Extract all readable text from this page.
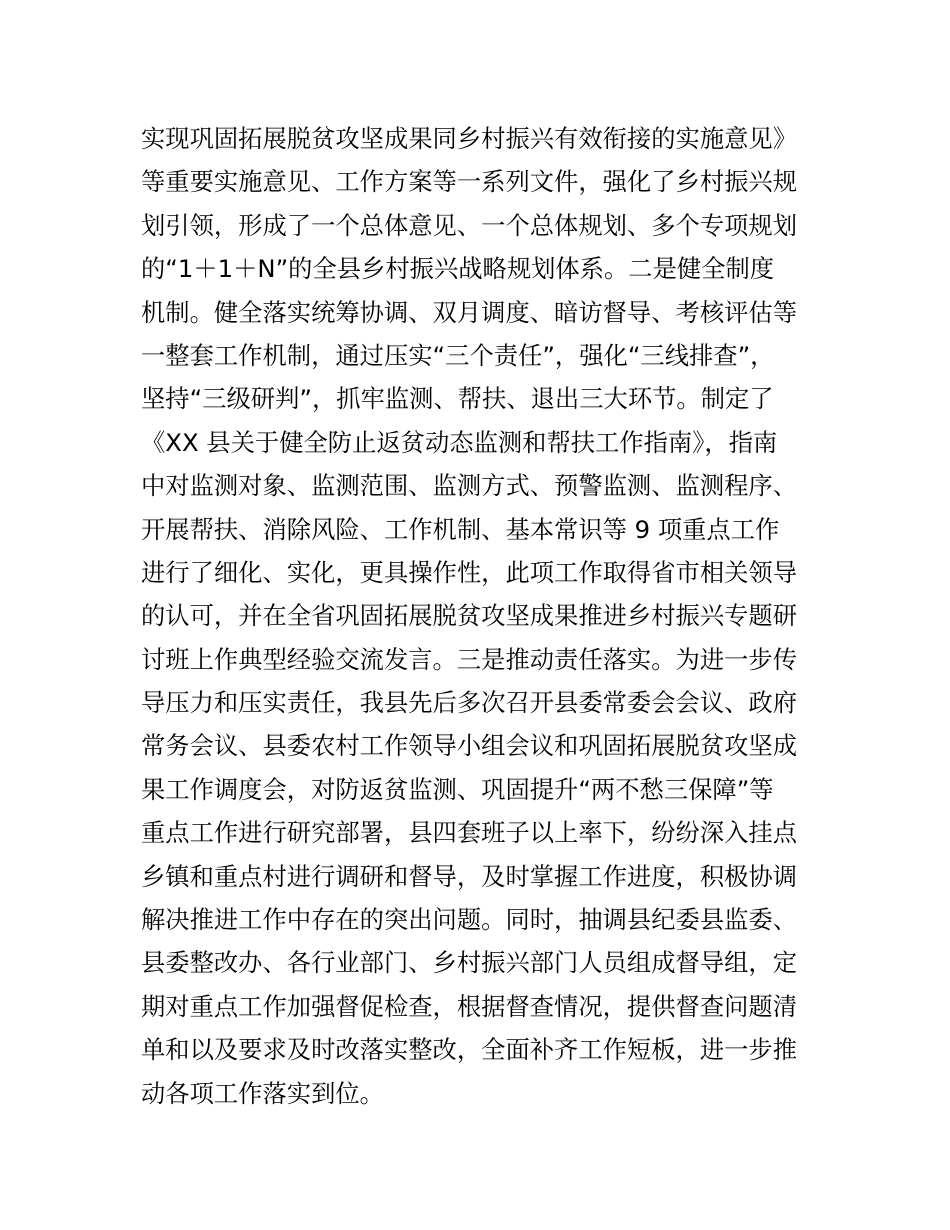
实现巩固拓展脱贫攻坚成果同乡村振兴有效衔接的实施意见》
等重要实施意见、工作方案等一系列文件，强化了乡村振兴规
划引领，形成了一个总体意见、一个总体规划、多个专项规划
的“1＋1＋N”的全县乡村振兴战略规划体系。二是健全制度
机制。健全落实统筹协调、双月调度、暗访督导、考核评估等
一整套工作机制，通过压实“三个责任”，强化“三线排查”，
坚持“三级研判”，抓牢监测、帮扶、退出三大环节。制定了
《XX 县关于健全防止返贫动态监测和帮扶工作指南》，指南
中对监测对象、监测范围、监测方式、预警监测、监测程序、
开展帮扶、消除风险、工作机制、基本常识等 9 项重点工作
进行了细化、实化，更具操作性，此项工作取得省市相关领导
的认可，并在全省巩固拓展脱贫攻坚成果推进乡村振兴专题研
讨班上作典型经验交流发言。三是推动责任落实。为进一步传
导压力和压实责任，我县先后多次召开县委常委会会议、政府
常务会议、县委农村工作领导小组会议和巩固拓展脱贫攻坚成
果工作调度会，对防返贫监测、巩固提升“两不愁三保障”等
重点工作进行研究部署，县四套班子以上率下，纷纷深入挂点
乡镇和重点村进行调研和督导，及时掌握工作进度，积极协调
解决推进工作中存在的突出问题。同时，抽调县纪委县监委、
县委整改办、各行业部门、乡村振兴部门人员组成督导组，定
期对重点工作加强督促检查，根据督查情况，提供督查问题清
单和以及要求及时改落实整改，全面补齐工作短板，进一步推
动各项工作落实到位。
